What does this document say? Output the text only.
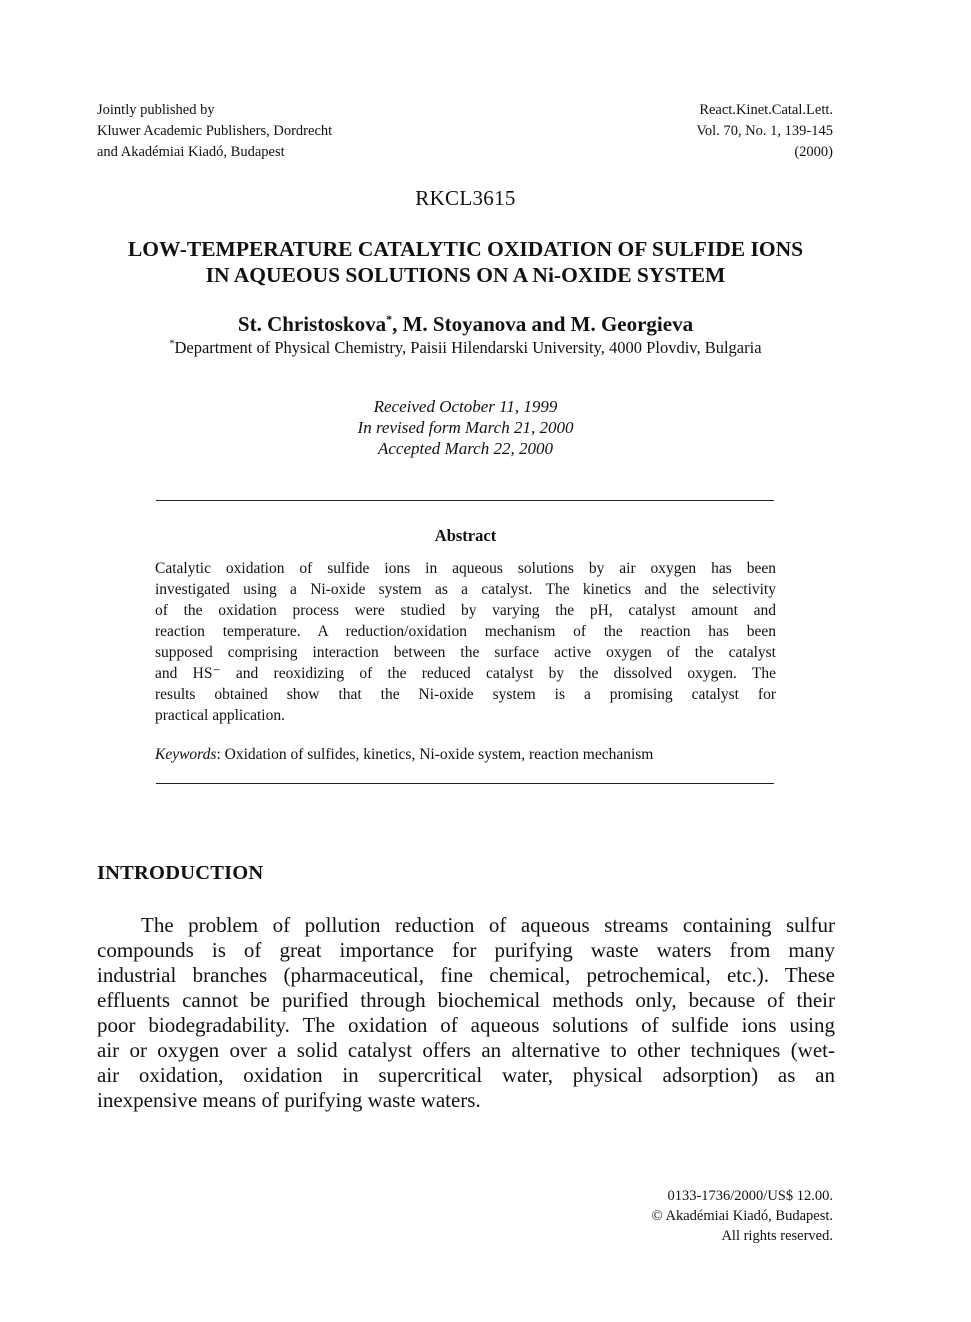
Jointly published by
Kluwer Academic Publishers, Dordrecht
and Akadémiai Kiadó, Budapest
React.Kinet.Catal.Lett.
Vol. 70, No. 1, 139-145
(2000)
RKCL3615
LOW-TEMPERATURE CATALYTIC OXIDATION OF SULFIDE IONS
IN AQUEOUS SOLUTIONS ON A Ni-OXIDE SYSTEM
St. Christoskova*, M. Stoyanova and M. Georgieva
*Department of Physical Chemistry, Paisii Hilendarski University, 4000 Plovdiv, Bulgaria
Received October 11, 1999
In revised form March 21, 2000
Accepted March 22, 2000
Abstract
Catalytic oxidation of sulfide ions in aqueous solutions by air oxygen has been
investigated using a Ni-oxide system as a catalyst. The kinetics and the selectivity
of the oxidation process were studied by varying the pH, catalyst amount and
reaction temperature. A reduction/oxidation mechanism of the reaction has been
supposed comprising interaction between the surface active oxygen of the catalyst
and HS⁻ and reoxidizing of the reduced catalyst by the dissolved oxygen. The
results obtained show that the Ni-oxide system is a promising catalyst for
practical application.
Keywords: Oxidation of sulfides, kinetics, Ni-oxide system, reaction mechanism
INTRODUCTION
The problem of pollution reduction of aqueous streams containing sulfur
compounds is of great importance for purifying waste waters from many
industrial branches (pharmaceutical, fine chemical, petrochemical, etc.). These
effluents cannot be purified through biochemical methods only, because of their
poor biodegradability. The oxidation of aqueous solutions of sulfide ions using
air or oxygen over a solid catalyst offers an alternative to other techniques (wet-
air oxidation, oxidation in supercritical water, physical adsorption) as an
inexpensive means of purifying waste waters.
0133-1736/2000/US$ 12.00.
© Akadémiai Kiadó, Budapest.
All rights reserved.
